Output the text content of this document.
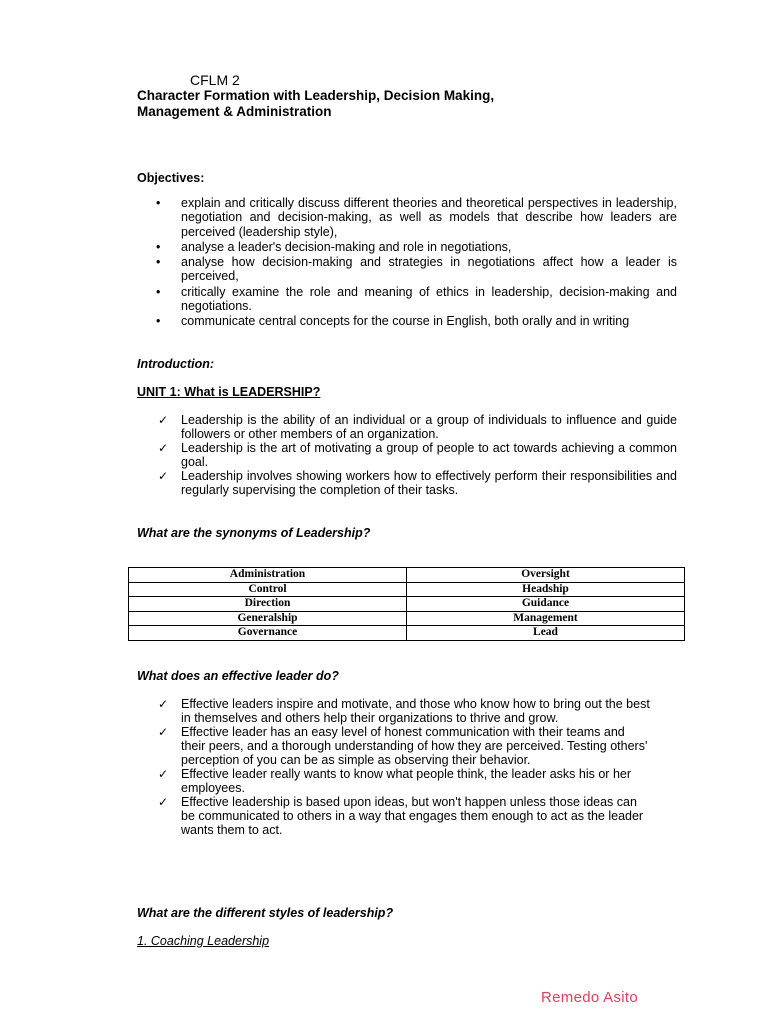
CFLM 2
Character Formation with Leadership, Decision Making,
Management & Administration
Objectives:
• explain and critically discuss different theories and theoretical perspectives in leadership, negotiation and decision-making, as well as models that describe how leaders are perceived (leadership style),
• analyse a leader's decision-making and role in negotiations,
• analyse how decision-making and strategies in negotiations affect how a leader is perceived,
• critically examine the role and meaning of ethics in leadership, decision-making and negotiations.
• communicate central concepts for the course in English, both orally and in writing
Introduction:
UNIT 1: What is LEADERSHIP?
✓ Leadership is the ability of an individual or a group of individuals to influence and guide followers or other members of an organization.
✓ Leadership is the art of motivating a group of people to act towards achieving a common goal.
✓ Leadership involves showing workers how to effectively perform their responsibilities and regularly supervising the completion of their tasks.
What are the synonyms of Leadership?
Administration	Oversight
Control	Headship
Direction	Guidance
Generalship	Management
Governance	Lead
What does an effective leader do?
✓ Effective leaders inspire and motivate, and those who know how to bring out the best in themselves and others help their organizations to thrive and grow.
✓ Effective leader has an easy level of honest communication with their teams and their peers, and a thorough understanding of how they are perceived. Testing others' perception of you can be as simple as observing their behavior.
✓ Effective leader really wants to know what people think, the leader asks his or her employees.
✓ Effective leadership is based upon ideas, but won't happen unless those ideas can be communicated to others in a way that engages them enough to act as the leader wants them to act.
What are the different styles of leadership?
1. Coaching Leadership
Remedo Asito
